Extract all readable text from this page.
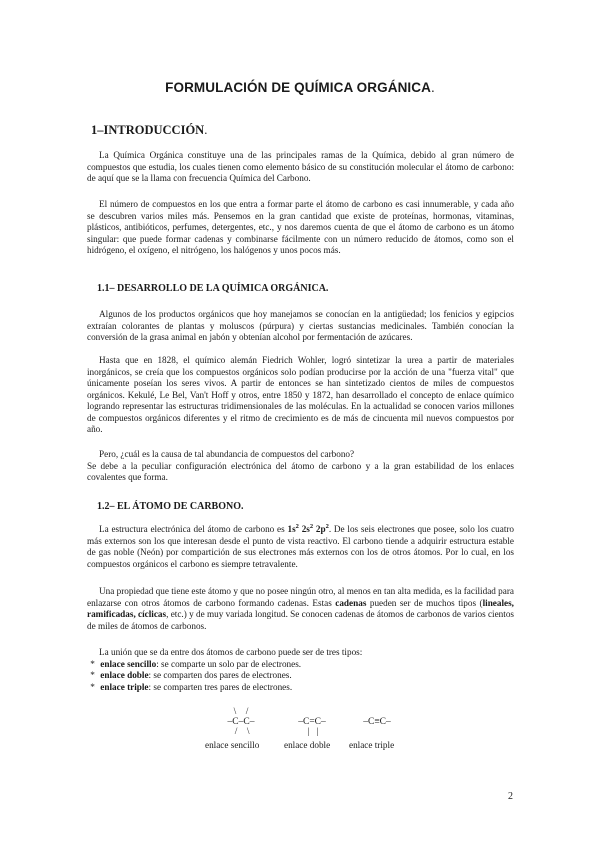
FORMULACIÓN DE QUÍMICA ORGÁNICA.
1–INTRODUCCIÓN.
La Química Orgánica constituye una de las principales ramas de la Química, debido al gran número de compuestos que estudia, los cuales tienen como elemento básico de su constitución molecular el átomo de carbono: de aquí que se la llama con frecuencia Química del Carbono.
El número de compuestos en los que entra a formar parte el átomo de carbono es casi innumerable, y cada año se descubren varios miles más. Pensemos en la gran cantidad que existe de proteínas, hormonas, vitaminas, plásticos, antibióticos, perfumes, detergentes, etc., y nos daremos cuenta de que el átomo de carbono es un átomo singular: que puede formar cadenas y combinarse fácilmente con un número reducido de átomos, como son el hidrógeno, el oxígeno, el nitrógeno, los halógenos y unos pocos más.
1.1– DESARROLLO DE LA QUÍMICA ORGÁNICA.
Algunos de los productos orgánicos que hoy manejamos se conocían en la antigüedad; los fenicios y egipcios extraían colorantes de plantas y moluscos (púrpura) y ciertas sustancias medicinales. También conocían la conversión de la grasa animal en jabón y obtenían alcohol por fermentación de azúcares.
Hasta que en 1828, el químico alemán Fiedrich Wohler, logró sintetizar la urea a partir de materiales inorgánicos, se creía que los compuestos orgánicos solo podían producirse por la acción de una "fuerza vital" que únicamente poseían los seres vivos. A partir de entonces se han sintetizado cientos de miles de compuestos orgánicos. Kekulé, Le Bel, Van't Hoff y otros, entre 1850 y 1872, han desarrollado el concepto de enlace químico logrando representar las estructuras tridimensionales de las moléculas. En la actualidad se conocen varios millones de compuestos orgánicos diferentes y el ritmo de crecimiento es de más de cincuenta mil nuevos compuestos por año.
Pero, ¿cuál es la causa de tal abundancia de compuestos del carbono?
Se debe a la peculiar configuración electrónica del átomo de carbono y a la gran estabilidad de los enlaces covalentes que forma.
1.2– EL ÁTOMO DE CARBONO.
La estructura electrónica del átomo de carbono es $1s^2$ $2s^2$ $2p^2$. De los seis electrones que posee, solo los cuatro más externos son los que interesan desde el punto de vista reactivo. El carbono tiende a adquirir estructura estable de gas noble (Neón) por compartición de sus electrones más externos con los de otros átomos. Por lo cual, en los compuestos orgánicos el carbono es siempre tetravalente.
Una propiedad que tiene este átomo y que no posee ningún otro, al menos en tan alta medida, es la facilidad para enlazarse con otros átomos de carbono formando cadenas. Estas cadenas pueden ser de muchos tipos (lineales, ramificadas, cíclicas, etc.) y de muy variada longitud. Se conocen cadenas de átomos de carbonos de varios cientos de miles de átomos de carbonos.
La unión que se da entre dos átomos de carbono puede ser de tres tipos:
* enlace sencillo: se comparte un solo par de electrones.
* enlace doble: se comparten dos pares de electrones.
* enlace triple: se comparten tres pares de electrones.
\    /
–C–C–
/    \
enlace sencillo
–C=C–
|   |
enlace doble
–C≡C–
enlace triple
2
